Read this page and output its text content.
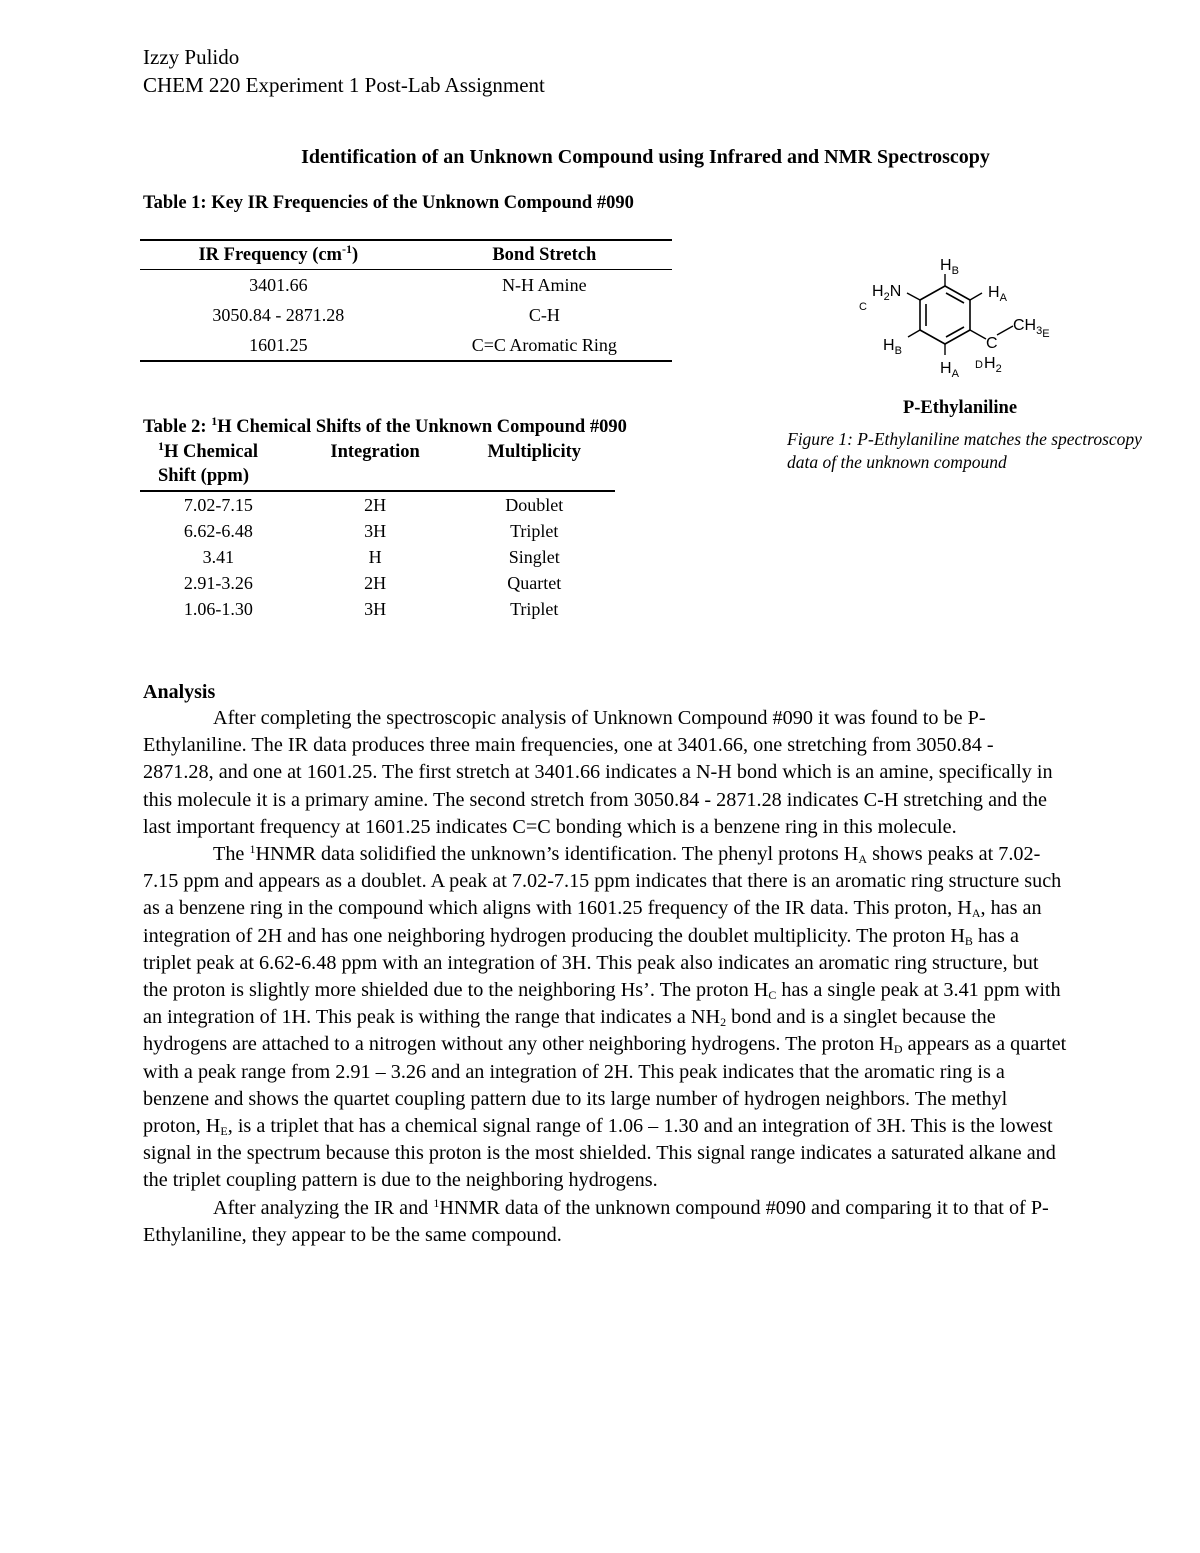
Izzy Pulido
CHEM 220 Experiment 1 Post-Lab Assignment
Identification of an Unknown Compound using Infrared and NMR Spectroscopy
Table 1: Key IR Frequencies of the Unknown Compound #090
IR Frequency $(cm^{-1})$	Bond Stretch
3401.66	N-H Amine
3050.84 - 2871.28	C-H
1601.25	C=C Aromatic Ring
Table 2: $^1$H Chemical Shifts of the Unknown Compound #090
$^1$H Chemical Shift (ppm)	Integration	Multiplicity
7.02-7.15	2H	Doublet
6.62-6.48	3H	Triplet
3.41	H	Singlet
2.91-3.26	2H	Quartet
1.06-1.30	3H	Triplet
$H_B$
$H_A$
C
$H_2N$
$H_B$
$H_A$
C
D $H_2$
$CH_3E$
P-Ethylaniline
Figure 1: P-Ethylaniline matches the spectroscopy data of the unknown compound
Analysis

After completing the spectroscopic analysis of Unknown Compound #090 it was found to be P-Ethylaniline. The IR data produces three main frequencies, one at 3401.66, one stretching from 3050.84 - 2871.28, and one at 1601.25. The first stretch at 3401.66 indicates a N-H bond which is an amine, specifically in this molecule it is a primary amine. The second stretch from 3050.84 - 2871.28 indicates C-H stretching and the last important frequency at 1601.25 indicates C=C bonding which is a benzene ring in this molecule.

The $^1$HNMR data solidified the unknown’s identification. The phenyl protons $H_A$ shows peaks at 7.02-7.15 ppm and appears as a doublet. A peak at 7.02-7.15 ppm indicates that there is an aromatic ring structure such as a benzene ring in the compound which aligns with 1601.25 frequency of the IR data. This proton, $H_A$, has an integration of 2H and has one neighboring hydrogen producing the doublet multiplicity. The proton $H_B$ has a triplet peak at 6.62-6.48 ppm with an integration of 3H. This peak also indicates an aromatic ring structure, but the proton is slightly more shielded due to the neighboring Hs’. The proton $H_C$ has a single peak at 3.41 ppm with an integration of 1H. This peak is withing the range that indicates a $NH_2$ bond and is a singlet because the hydrogens are attached to a nitrogen without any other neighboring hydrogens. The proton $H_D$ appears as a quartet with a peak range from 2.91 – 3.26 and an integration of 2H. This peak indicates that the aromatic ring is a benzene and shows the quartet coupling pattern due to its large number of hydrogen neighbors. The methyl proton, $H_E$, is a triplet that has a chemical signal range of 1.06 – 1.30 and an integration of 3H. This is the lowest signal in the spectrum because this proton is the most shielded. This signal range indicates a saturated alkane and the triplet coupling pattern is due to the neighboring hydrogens.

After analyzing the IR and $^1$HNMR data of the unknown compound #090 and comparing it to that of P-Ethylaniline, they appear to be the same compound.
